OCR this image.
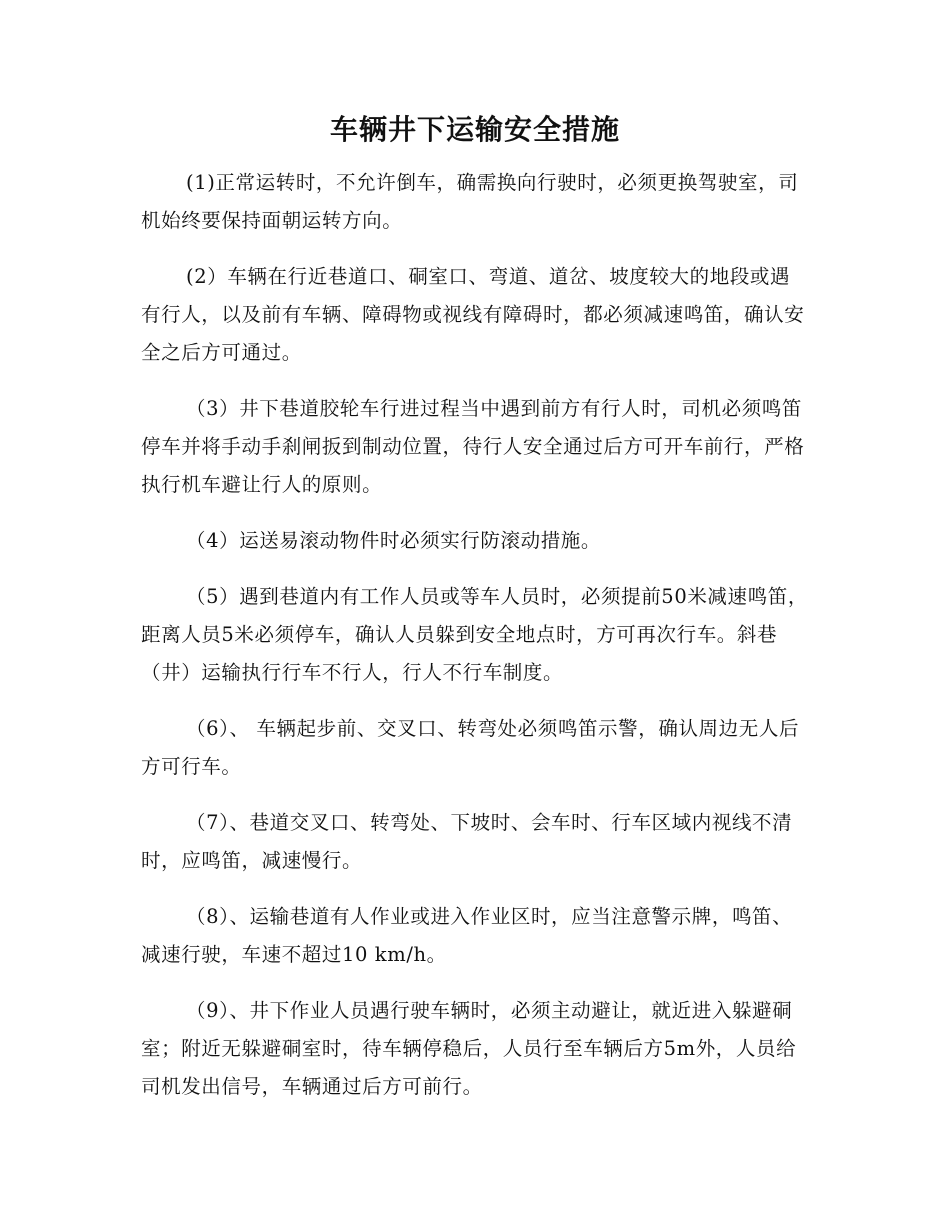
车辆井下运输安全措施

(1)正常运转时，不允许倒车，确需换向行驶时，必须更换驾驶室，司机始终要保持面朝运转方向。

(2）车辆在行近巷道口、硐室口、弯道、道岔、坡度较大的地段或遇有行人，以及前有车辆、障碍物或视线有障碍时，都必须减速鸣笛，确认安全之后方可通过。

（3）井下巷道胶轮车行进过程当中遇到前方有行人时，司机必须鸣笛停车并将手动手刹闸扳到制动位置，待行人安全通过后方可开车前行，严格执行机车避让行人的原则。

（4）运送易滚动物件时必须实行防滚动措施。

（5）遇到巷道内有工作人员或等车人员时，必须提前50米减速鸣笛，距离人员5米必须停车，确认人员躲到安全地点时，方可再次行车。斜巷（井）运输执行行车不行人，行人不行车制度。

（6）、 车辆起步前、交叉口、转弯处必须鸣笛示警，确认周边无人后方可行车。

（7）、巷道交叉口、转弯处、下坡时、会车时、行车区域内视线不清时，应鸣笛，减速慢行。

（8）、运输巷道有人作业或进入作业区时，应当注意警示牌，鸣笛、减速行驶，车速不超过10 km/h。

（9）、井下作业人员遇行驶车辆时，必须主动避让，就近进入躲避硐室；附近无躲避硐室时，待车辆停稳后，人员行至车辆后方5m外，人员给司机发出信号，车辆通过后方可前行。
